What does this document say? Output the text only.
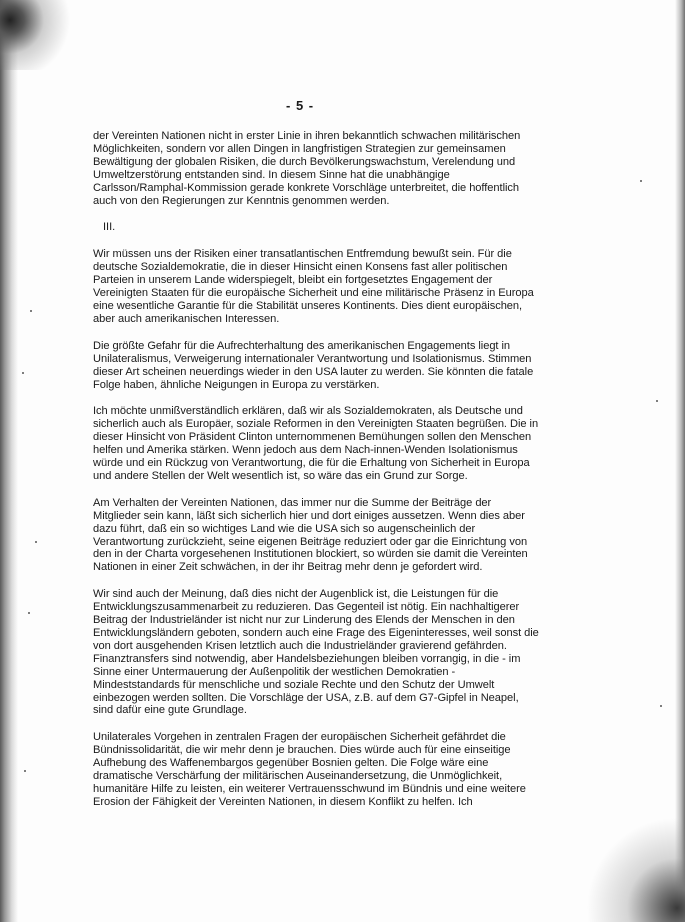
- 5 -

der Vereinten Nationen nicht in erster Linie in ihren bekanntlich schwachen militärischen Möglichkeiten, sondern vor allen Dingen in langfristigen Strategien zur gemeinsamen Bewältigung der globalen Risiken, die durch Bevölkerungswachstum, Verelendung und Umweltzerstörung entstanden sind. In diesem Sinne hat die unabhängige Carlsson/Ramphal-Kommission gerade konkrete Vorschläge unterbreitet, die hoffentlich auch von den Regierungen zur Kenntnis genommen werden.

III.

Wir müssen uns der Risiken einer transatlantischen Entfremdung bewußt sein. Für die deutsche Sozialdemokratie, die in dieser Hinsicht einen Konsens fast aller politischen Parteien in unserem Lande widerspiegelt, bleibt ein fortgesetztes Engagement der Vereinigten Staaten für die europäische Sicherheit und eine militärische Präsenz in Europa eine wesentliche Garantie für die Stabilität unseres Kontinents. Dies dient europäischen, aber auch amerikanischen Interessen.

Die größte Gefahr für die Aufrechterhaltung des amerikanischen Engagements liegt in Unilateralismus, Verweigerung internationaler Verantwortung und Isolationismus. Stimmen dieser Art scheinen neuerdings wieder in den USA lauter zu werden. Sie könnten die fatale Folge haben, ähnliche Neigungen in Europa zu verstärken.

Ich möchte unmißverständlich erklären, daß wir als Sozialdemokraten, als Deutsche und sicherlich auch als Europäer, soziale Reformen in den Vereinigten Staaten begrüßen. Die in dieser Hinsicht von Präsident Clinton unternommenen Bemühungen sollen den Menschen helfen und Amerika stärken. Wenn jedoch aus dem Nach-innen-Wenden Isolationismus würde und ein Rückzug von Verantwortung, die für die Erhaltung von Sicherheit in Europa und andere Stellen der Welt wesentlich ist, so wäre das ein Grund zur Sorge.

Am Verhalten der Vereinten Nationen, das immer nur die Summe der Beiträge der Mitglieder sein kann, läßt sich sicherlich hier und dort einiges aussetzen. Wenn dies aber dazu führt, daß ein so wichtiges Land wie die USA sich so augenscheinlich der Verantwortung zurückzieht, seine eigenen Beiträge reduziert oder gar die Einrichtung von den in der Charta vorgesehenen Institutionen blockiert, so würden sie damit die Vereinten Nationen in einer Zeit schwächen, in der ihr Beitrag mehr denn je gefordert wird.

Wir sind auch der Meinung, daß dies nicht der Augenblick ist, die Leistungen für die Entwicklungszusammenarbeit zu reduzieren. Das Gegenteil ist nötig. Ein nachhaltigerer Beitrag der Industrieländer ist nicht nur zur Linderung des Elends der Menschen in den Entwicklungsländern geboten, sondern auch eine Frage des Eigeninteresses, weil sonst die von dort ausgehenden Krisen letztlich auch die Industrieländer gravierend gefährden. Finanztransfers sind notwendig, aber Handelsbeziehungen bleiben vorrangig, in die - im Sinne einer Untermauerung der Außenpolitik der westlichen Demokratien - Mindeststandards für menschliche und soziale Rechte und den Schutz der Umwelt einbezogen werden sollten. Die Vorschläge der USA, z.B. auf dem G7-Gipfel in Neapel, sind dafür eine gute Grundlage.

Unilaterales Vorgehen in zentralen Fragen der europäischen Sicherheit gefährdet die Bündnissolidarität, die wir mehr denn je brauchen. Dies würde auch für eine einseitige Aufhebung des Waffenembargos gegenüber Bosnien gelten. Die Folge wäre eine dramatische Verschärfung der militärischen Auseinandersetzung, die Unmöglichkeit, humanitäre Hilfe zu leisten, ein weiterer Vertrauensschwund im Bündnis und eine weitere Erosion der Fähigkeit der Vereinten Nationen, in diesem Konflikt zu helfen. Ich
